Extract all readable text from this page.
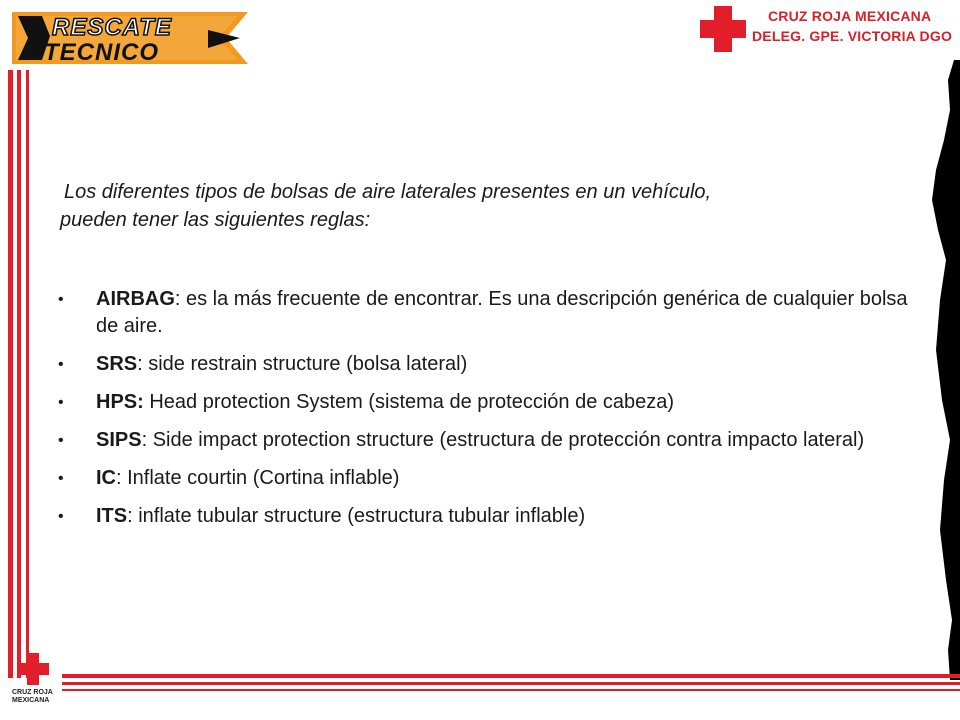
RESCATE
TECNICO
CRUZ ROJA MEXICANA
DELEG. GPE. VICTORIA DGO
CRUZ ROJA
MEXICANA
Los diferentes tipos de bolsas de aire laterales presentes en un vehículo,
pueden tener las siguientes reglas:
• AIRBAG: es la más frecuente de encontrar. Es una descripción genérica de cualquier bolsa de aire.
• SRS: side restrain structure (bolsa lateral)
• HPS: Head protection System (sistema de protección de cabeza)
• SIPS: Side impact protection structure (estructura de protección contra impacto lateral)
• IC: Inflate courtin (Cortina inflable)
• ITS: inflate tubular structure (estructura tubular inflable)
